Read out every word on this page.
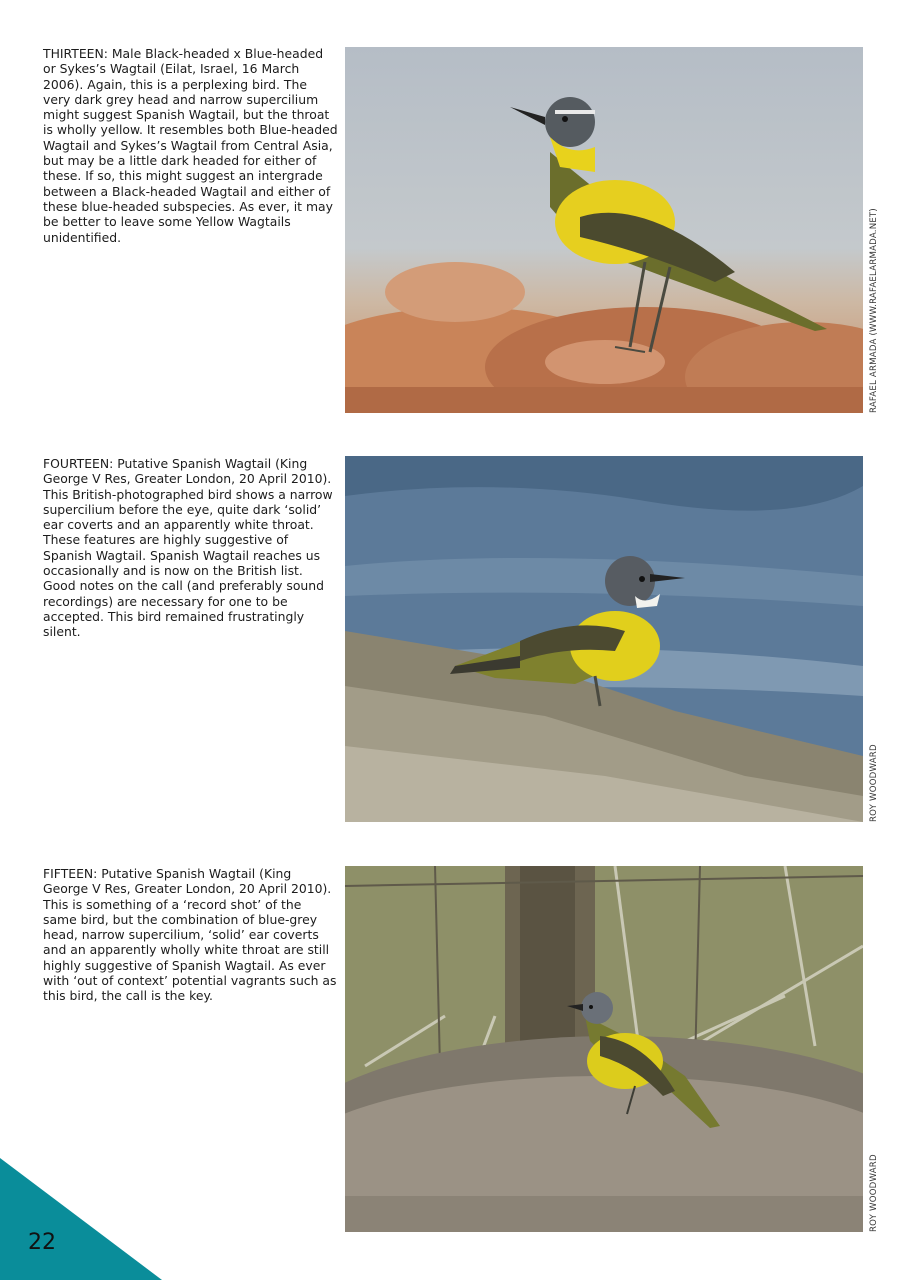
THIRTEEN: Male Black-headed x Blue-headed or Sykes’s Wagtail (Eilat, Israel, 16 March 2006). Again, this is a perplexing bird. The very dark grey head and narrow supercilium might suggest Spanish Wagtail, but the throat is wholly yellow. It resembles both Blue-headed Wagtail and Sykes’s Wagtail from Central Asia, but may be a little dark headed for either of these. If so, this might suggest an intergrade between a Black-headed Wagtail and either of these blue-headed subspecies. As ever, it may be better to leave some Yellow Wagtails unidentified.	RAFAEL ARMADA (WWW.RAFAELARMADA.NET)

FOURTEEN: Putative Spanish Wagtail (King George V Res, Greater London, 20 April 2010). This British-photographed bird shows a narrow supercilium before the eye, quite dark ‘solid’ ear coverts and an apparently white throat. These features are highly suggestive of Spanish Wagtail. Spanish Wagtail reaches us occasionally and is now on the British list. Good notes on the call (and preferably sound recordings) are necessary for one to be accepted. This bird remained frustratingly silent.

ROY WOODWARD

FIFTEEN: Putative Spanish Wagtail (King George V Res, Greater London, 20 April 2010). This is something of a ‘record shot’ of the same bird, but the combination of blue-grey head, narrow supercilium, ‘solid’ ear coverts and an apparently wholly white throat are still highly suggestive of Spanish Wagtail. As ever with ‘out of context’ potential vagrants such as this bird, the call is the key.

ROY WOODWARD
22
